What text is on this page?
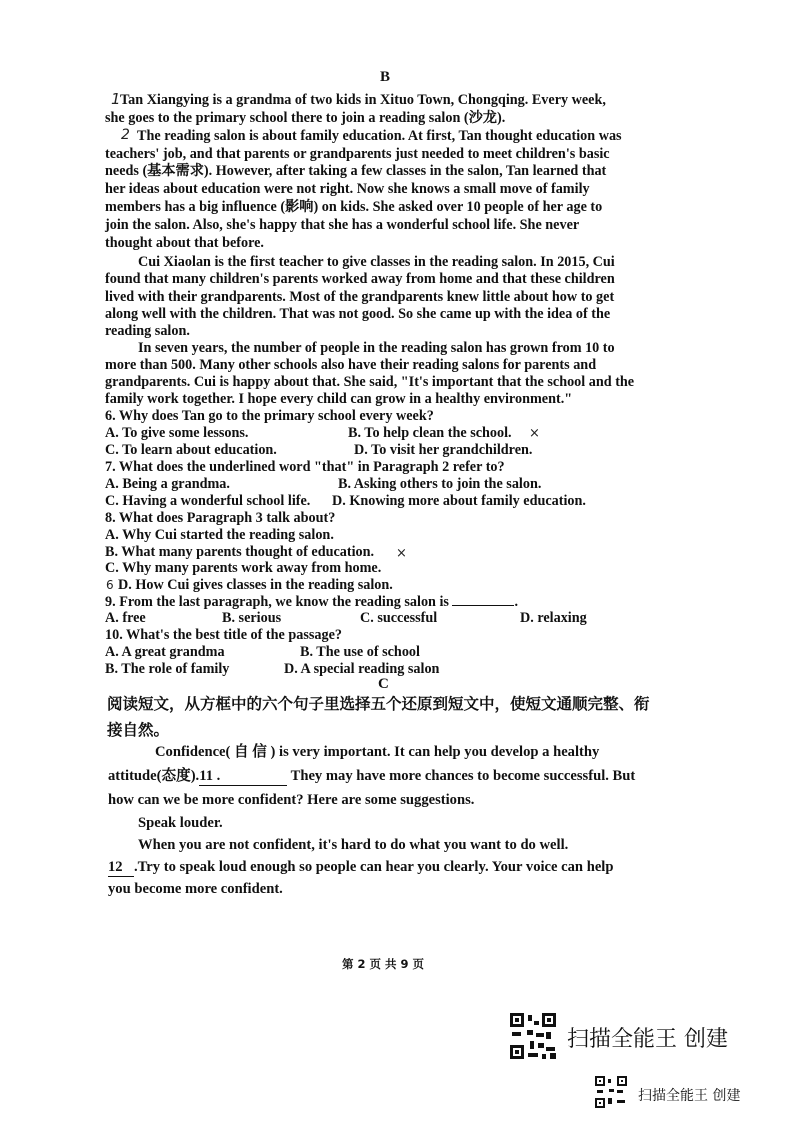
B
1
2
Tan Xiangying is a grandma of two kids in Xituo Town, Chongqing. Every week,
she goes to the primary school there to join a reading salon (沙龙).
The reading salon is about family education. At first, Tan thought education was
teachers' job, and that parents or grandparents just needed to meet children's basic
needs (基本需求). However, after taking a few classes in the salon, Tan learned that
her ideas about education were not right. Now she knows a small move of family
members has a big influence (影响) on kids. She asked over 10 people of her age to
join the salon. Also, she's happy that she has a wonderful school life. She never
thought about that before.
Cui Xiaolan is the first teacher to give classes in the reading salon. In 2015, Cui
found that many children's parents worked away from home and that these children
lived with their grandparents. Most of the grandparents knew little about how to get
along well with the children. That was not good. So she came up with the idea of the
reading salon.
In seven years, the number of people in the reading salon has grown from 10 to
more than 500. Many other schools also have their reading salons for parents and
grandparents. Cui is happy about that. She said, "It's important that the school and the
family work together. I hope every child can grow in a healthy environment."
6. Why does Tan go to the primary school every week?
A. To give some lessons.	B. To help clean the school. ×
C. To learn about education.	D. To visit her grandchildren.
7. What does the underlined word "that" in Paragraph 2 refer to?
A. Being a grandma.	B. Asking others to join the salon.
C. Having a wonderful school life. D. Knowing more about family education.
8. What does Paragraph 3 talk about?
A. Why Cui started the reading salon.
B. What many parents thought of education. ×
C. Why many parents work away from home.
6 D. How Cui gives classes in the reading salon.
9. From the last paragraph, we know the reading salon is	.
A. free	B. serious	C. successful	D. relaxing
10. What's the best title of the passage?
A. A great grandma	B. The use of school
B. The role of family	D. A special reading salon
C
阅读短文，从方框中的六个句子里选择五个还原到短文中，使短文通顺完整、衔
接自然。
Confidence( 自 信 ) is very important. It can help you develop a healthy
attitude(态度).11 .	They may have more chances to become successful. But
how can we be more confident? Here are some suggestions.
Speak louder.
When you are not confident, it's hard to do what you want to do well.
12 .Try to speak loud enough so people can hear you clearly. Your voice can help
you become more confident.
第 2 页 共 9 页
扫描全能王 创建
扫描全能王 创建
